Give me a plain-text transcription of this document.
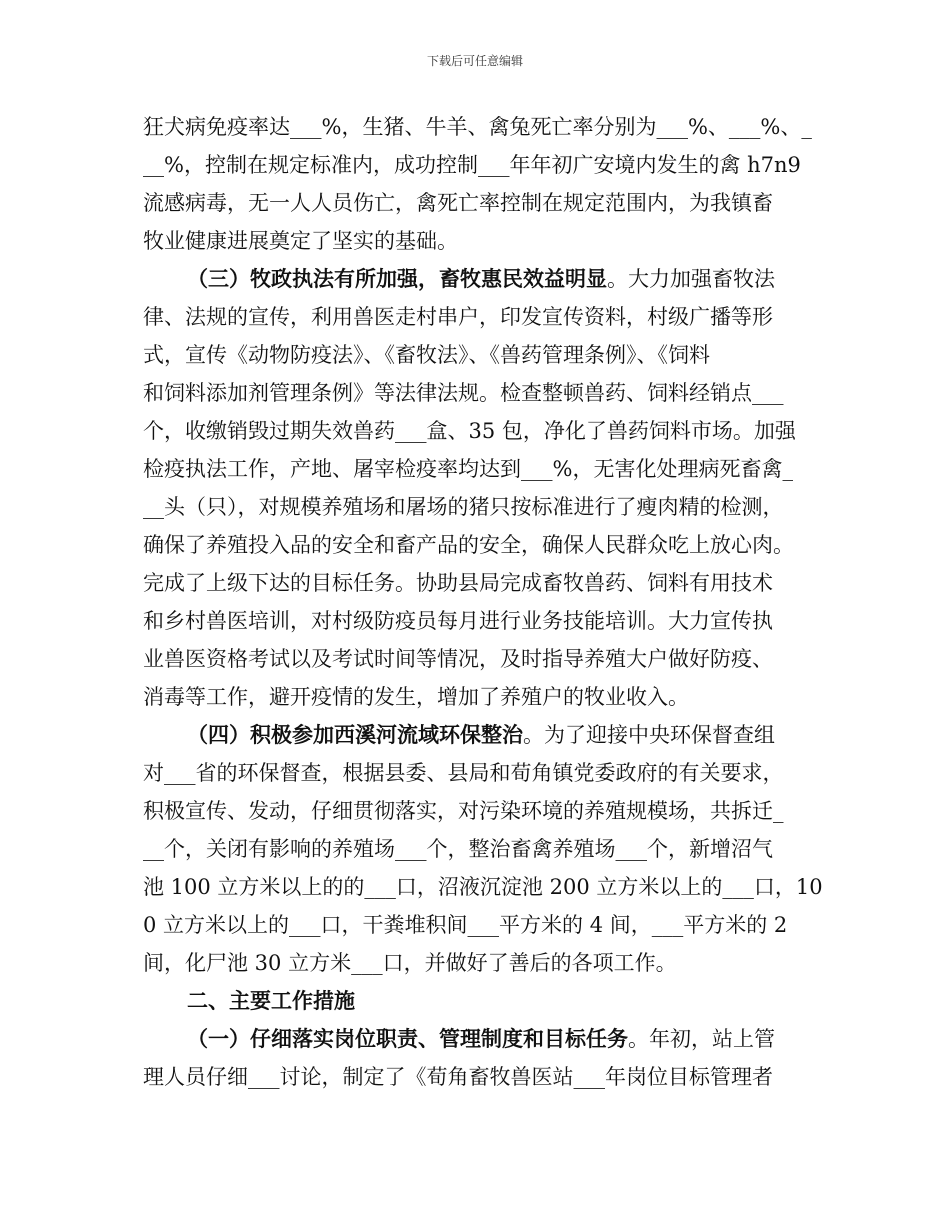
下载后可任意编辑
狂犬病免疫率达___%，生猪、牛羊、禽兔死亡率分别为___%、___%、_
__%，控制在规定标准内，成功控制___年年初广安境内发生的禽 h7n9
流感病毒，无一人人员伤亡，禽死亡率控制在规定范围内，为我镇畜
牧业健康进展奠定了坚实的基础。
（三）牧政执法有所加强，畜牧惠民效益明显。大力加强畜牧法
律、法规的宣传，利用兽医走村串户，印发宣传资料，村级广播等形
式，宣传《动物防疫法》、《畜牧法》、《兽药管理条例》、《饲料
和饲料添加剂管理条例》等法律法规。检查整顿兽药、饲料经销点___
个，收缴销毁过期失效兽药___盒、35 包，净化了兽药饲料市场。加强
检疫执法工作，产地、屠宰检疫率均达到___%，无害化处理病死畜禽_
__头（只），对规模养殖场和屠场的猪只按标准进行了瘦肉精的检测，
确保了养殖投入品的安全和畜产品的安全，确保人民群众吃上放心肉。
完成了上级下达的目标任务。协助县局完成畜牧兽药、饲料有用技术
和乡村兽医培训，对村级防疫员每月进行业务技能培训。大力宣传执
业兽医资格考试以及考试时间等情况，及时指导养殖大户做好防疫、
消毒等工作，避开疫情的发生，增加了养殖户的牧业收入。
（四）积极参加西溪河流域环保整治。为了迎接中央环保督查组
对___省的环保督查，根据县委、县局和荀角镇党委政府的有关要求，
积极宣传、发动，仔细贯彻落实，对污染环境的养殖规模场，共拆迁_
__个，关闭有影响的养殖场___个，整治畜禽养殖场___个，新增沼气
池 100 立方米以上的的___口，沼液沉淀池 200 立方米以上的___口，10
0 立方米以上的___口，干粪堆积间___平方米的 4 间，___平方米的 2
间，化尸池 30 立方米___口，并做好了善后的各项工作。
二、主要工作措施
（一）仔细落实岗位职责、管理制度和目标任务。年初，站上管
理人员仔细___讨论，制定了《荀角畜牧兽医站___年岗位目标管理者
